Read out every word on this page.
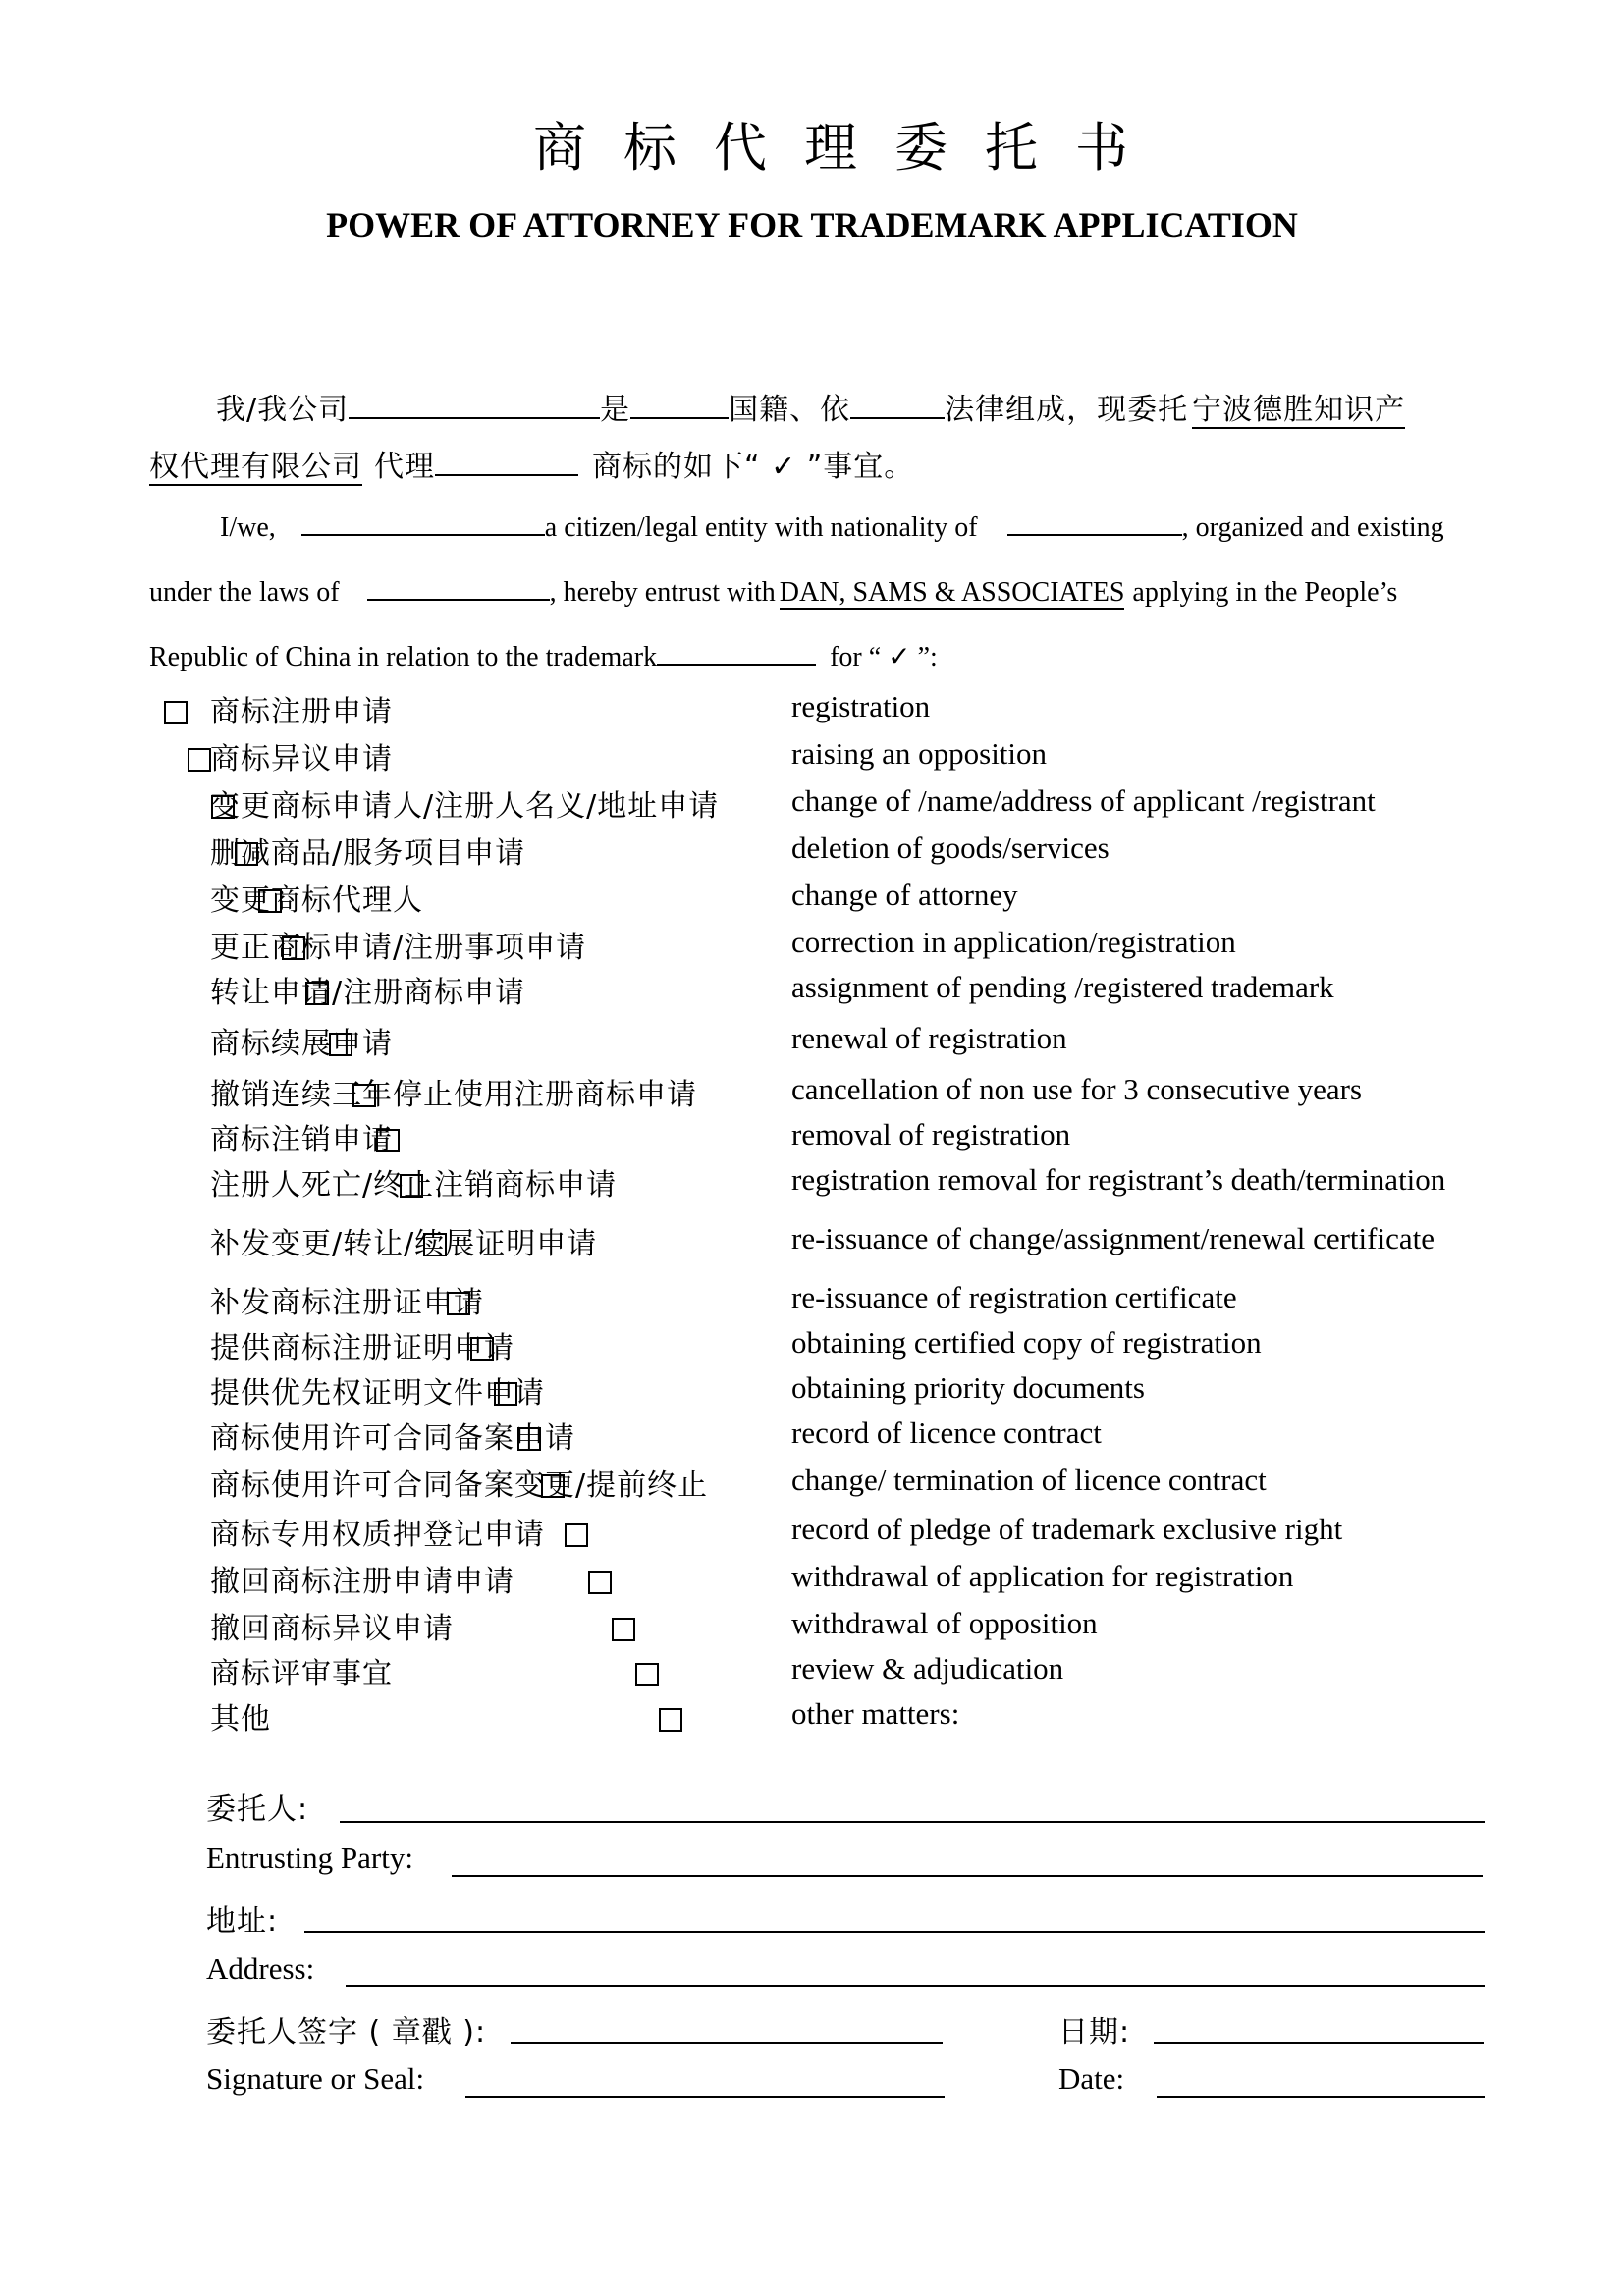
商标代理委托书
POWER OF ATTORNEY FOR TRADEMARK APPLICATION
我/我公司	是	国籍、依	法律组成，现委托 宁波德胜知识产
权代理有限公司 代理	商标的如下“ ✓ ”事宜。
I/we,	a citizen/legal entity with nationality of	, organized and existing
under the laws of	, hereby entrust with DAN, SAMS & ASSOCIATES applying in the People’s
Republic of China in relation to the trademark	for “ ✓ ”:
商标注册申请	registration
商标异议申请	raising an opposition
变更商标申请人/注册人名义/地址申请 change of /name/address of applicant /registrant
删减商品/服务项目申请	deletion of goods/services
变更商标代理人	change of attorney
更正商标申请/注册事项申请	correction in application/registration
转让申请/注册商标申请	assignment of pending /registered trademark
商标续展申请	renewal of registration
撤销连续三年停止使用注册商标申请	cancellation of non use for 3 consecutive years
商标注销申请	removal of registration
注册人死亡/终止注销商标申请	registration removal for registrant’s death/termination
补发变更/转让/续展证明申请	re-issuance of change/assignment/renewal certificate
补发商标注册证申请	re-issuance of registration certificate
提供商标注册证明申请	obtaining certified copy of registration
提供优先权证明文件申请	obtaining priority documents
商标使用许可合同备案申请	record of licence contract
商标使用许可合同备案变更/提前终止	change/ termination of licence contract
商标专用权质押登记申请	record of pledge of trademark exclusive right
撤回商标注册申请申请	withdrawal of application for registration
撤回商标异议申请	withdrawal of opposition
商标评审事宜	review & adjudication
其他	other matters:
委托人:
Entrusting Party:
地址:
Address:
委托人签字 ( 章戳 ):	日期:
Signature or Seal:	Date:
